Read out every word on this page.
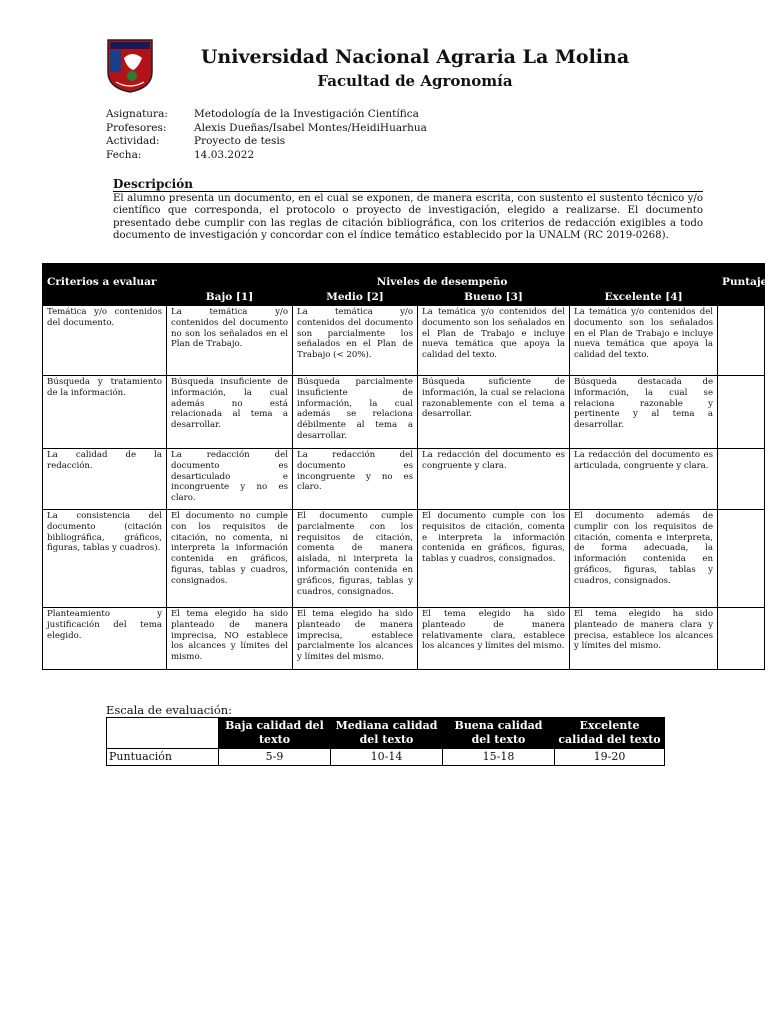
Universidad Nacional Agraria La Molina
Facultad de Agronomía
Asignatura:	Metodología de la Investigación Científica
Profesores:	Alexis Dueñas/Isabel Montes/HeidiHuarhua
Actividad:	Proyecto de tesis
Fecha:	14.03.2022
Descripción
El alumno presenta un documento, en el cual se exponen, de manera escrita, con sustento el sustento técnico y/o científico que corresponda, el protocolo o proyecto de investigación, elegido a realizarse. El documento presentado debe cumplir con las reglas de citación bibliográfica, con los criterios de redacción exigibles a todo documento de investigación y concordar con el índice temático establecido por la UNALM (RC 2019-0268).
Criterios a evaluar	Niveles de desempeño				Puntaje
	Bajo [1]	Medio [2]	Bueno [3]	Excelente [4]	
Temática y/o contenidos del documento.	La temática y/o contenidos del documento no son los señalados en el Plan de Trabajo.	La temática y/o contenidos del documento son parcialmente los señalados en el Plan de Trabajo (< 20%).	La temática y/o contenidos del documento son los señalados en el Plan de Trabajo e incluye nueva temática que apoya la calidad del texto.	La temática y/o contenidos del documento son los señalados en el Plan de Trabajo e incluye nueva temática que apoya la calidad del texto.	
Búsqueda y tratamiento de la información.	Búsqueda insuficiente de información, la cual además no está relacionada al tema a desarrollar.	Búsqueda parcialmente insuficiente de información, la cual además se relaciona débilmente al tema a desarrollar.	Búsqueda suficiente de información, la cual se relaciona razonablemente con el tema a desarrollar.	Búsqueda destacada de información, la cual se relaciona razonable y pertinente y al tema a desarrollar.	
La calidad de la redacción.	La redacción del documento es desarticulado e incongruente y no es claro.	La redacción del documento es incongruente y no es claro.	La redacción del documento es congruente y clara.	La redacción del documento es articulada, congruente y clara.	
La consistencia del documento (citación bibliográfica, gráficos, figuras, tablas y cuadros).	El documento no cumple con los requisitos de citación, no comenta, ni interpreta la información contenida en gráficos, figuras, tablas y cuadros, consignados.	El documento cumple parcialmente con los requisitos de citación, comenta de manera aislada, ni interpreta la información contenida en gráficos, figuras, tablas y cuadros, consignados.	El documento cumple con los requisitos de citación, comenta e interpreta la información contenida en gráficos, figuras, tablas y cuadros, consignados.	El documento además de cumplir con los requisitos de citación, comenta e interpreta, de forma adecuada, la información contenida en gráficos, figuras, tablas y cuadros, consignados.	
Planteamiento y justificación del tema elegido.	El tema elegido ha sido planteado de manera imprecisa, NO establece los alcances y límites del mismo.	El tema elegido ha sido planteado de manera imprecisa, establece parcialmente los alcances y límites del mismo.	El tema elegido ha sido planteado de manera relativamente clara, establece los alcances y límites del mismo.	El tema elegido ha sido planteado de manera clara y precisa, establece los alcances y límites del mismo.	
Escala de evaluación:
	Baja calidad del texto	Mediana calidad del texto	Buena calidad del texto	Excelente calidad del texto
Puntuación	5-9	10-14	15-18	19-20
